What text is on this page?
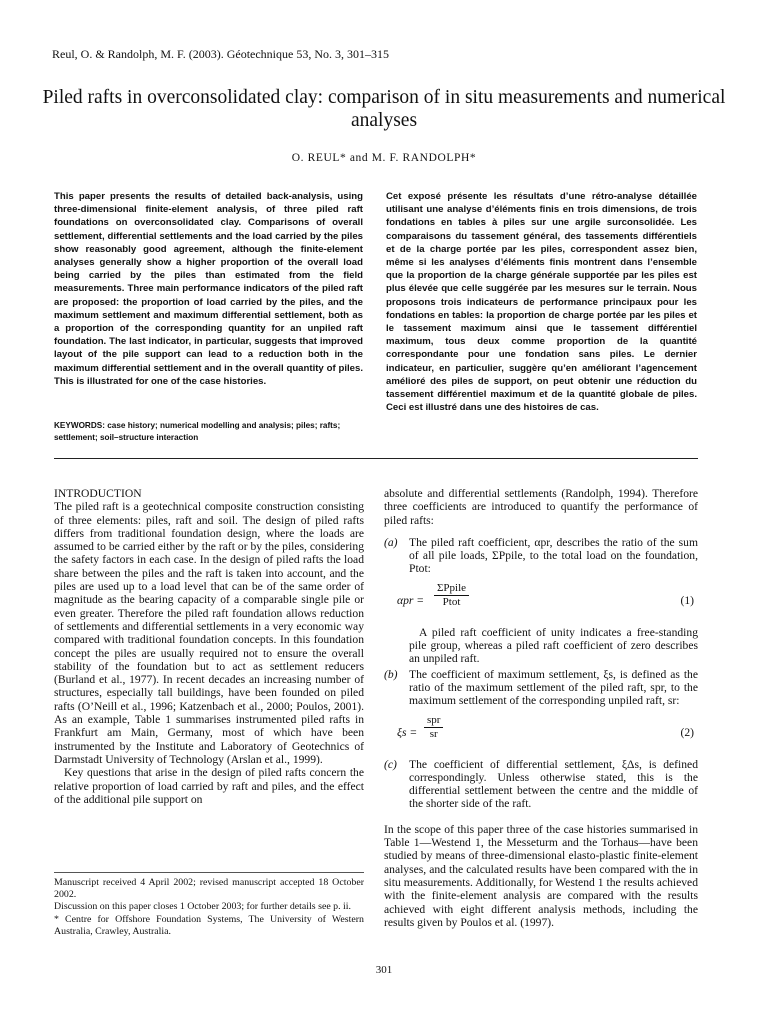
Reul, O. & Randolph, M. F. (2003). Géotechnique 53, No. 3, 301–315
Piled rafts in overconsolidated clay: comparison of in situ measurements and numerical analyses
O. REUL* and M. F. RANDOLPH*
This paper presents the results of detailed back-analysis, using three-dimensional finite-element analysis, of three piled raft foundations on overconsolidated clay. Comparisons of overall settlement, differential settlements and the load carried by the piles show reasonably good agreement, although the finite-element analyses generally show a higher proportion of the overall load being carried by the piles than estimated from the field measurements. Three main performance indicators of the piled raft are proposed: the proportion of load carried by the piles, and the maximum settlement and maximum differential settlement, both as a proportion of the corresponding quantity for an unpiled raft foundation. The last indicator, in particular, suggests that improved layout of the pile support can lead to a reduction both in the maximum differential settlement and in the overall quantity of piles. This is illustrated for one of the case histories.
KEYWORDS: case history; numerical modelling and analysis; piles; rafts; settlement; soil–structure interaction
Cet exposé présente les résultats d’une rétro-analyse détaillée utilisant une analyse d’éléments finis en trois dimensions, de trois fondations en tables à piles sur une argile surconsolidée. Les comparaisons du tassement général, des tassements différentiels et de la charge portée par les piles, correspondent assez bien, même si les analyses d’éléments finis montrent dans l’ensemble que la proportion de la charge générale supportée par les piles est plus élevée que celle suggérée par les mesures sur le terrain. Nous proposons trois indicateurs de performance principaux pour les fondations en tables: la proportion de charge portée par les piles et le tassement maximum ainsi que le tassement différentiel maximum, tous deux comme proportion de la quantité correspondante pour une fondation sans piles. Le dernier indicateur, en particulier, suggère qu’en améliorant l’agencement amélioré des piles de support, on peut obtenir une réduction du tassement différentiel maximum et de la quantité globale de piles. Ceci est illustré dans une des histoires de cas.

INTRODUCTION

The piled raft is a geotechnical composite construction consisting of three elements: piles, raft and soil. The design of piled rafts differs from traditional foundation design, where the loads are assumed to be carried either by the raft or by the piles, considering the safety factors in each case. In the design of piled rafts the load share between the piles and the raft is taken into account, and the piles are used up to a load level that can be of the same order of magnitude as the bearing capacity of a comparable single pile or even greater. Therefore the piled raft foundation allows reduction of settlements and differential settlements in a very economic way compared with traditional foundation concepts. In this foundation concept the piles are usually required not to ensure the overall stability of the foundation but to act as settlement reducers (Burland et al., 1977). In recent decades an increasing number of structures, especially tall buildings, have been founded on piled rafts (O’Neill et al., 1996; Katzenbach et al., 2000; Poulos, 2001). As an example, Table 1 summarises instrumented piled rafts in Frankfurt am Main, Germany, most of which have been instrumented by the Institute and Laboratory of Geotechnics of Darmstadt University of Technology (Arslan et al., 1999).

Key questions that arise in the design of piled rafts concern the relative proportion of load carried by raft and piles, and the effect of the additional pile support on

absolute and differential settlements (Randolph, 1994). Therefore three coefficients are introduced to quantify the performance of piled rafts:

(a) The piled raft coefficient, αpr, describes the ratio of the sum of all pile loads, ΣPpile, to the total load on the foundation, Ptot:

αpr =
ΣPpile
Ptot	(1)

A piled raft coefficient of unity indicates a free-standing pile group, whereas a piled raft coefficient of zero describes an unpiled raft.

(b) The coefficient of maximum settlement, ξs, is defined as the ratio of the maximum settlement of the piled raft, spr, to the maximum settlement of the corresponding unpiled raft, sr:

ξs =
spr
sr	(2)

(c) The coefficient of differential settlement, ξΔs, is defined correspondingly. Unless otherwise stated, this is the differential settlement between the centre and the middle of the shorter side of the raft.

In the scope of this paper three of the case histories summarised in Table 1—Westend 1, the Messeturm and the Torhaus—have been studied by means of three-dimensional elasto-plastic finite-element analyses, and the calculated results have been compared with the in situ measurements. Additionally, for Westend 1 the results achieved with the finite-element analysis are compared with the results achieved with eight different analysis methods, including the results given by Poulos et al. (1997).

Manuscript received 4 April 2002; revised manuscript accepted 18 October 2002.

Discussion on this paper closes 1 October 2003; for further details see p. ii.

* Centre for Offshore Foundation Systems, The University of Western Australia, Crawley, Australia.

301
